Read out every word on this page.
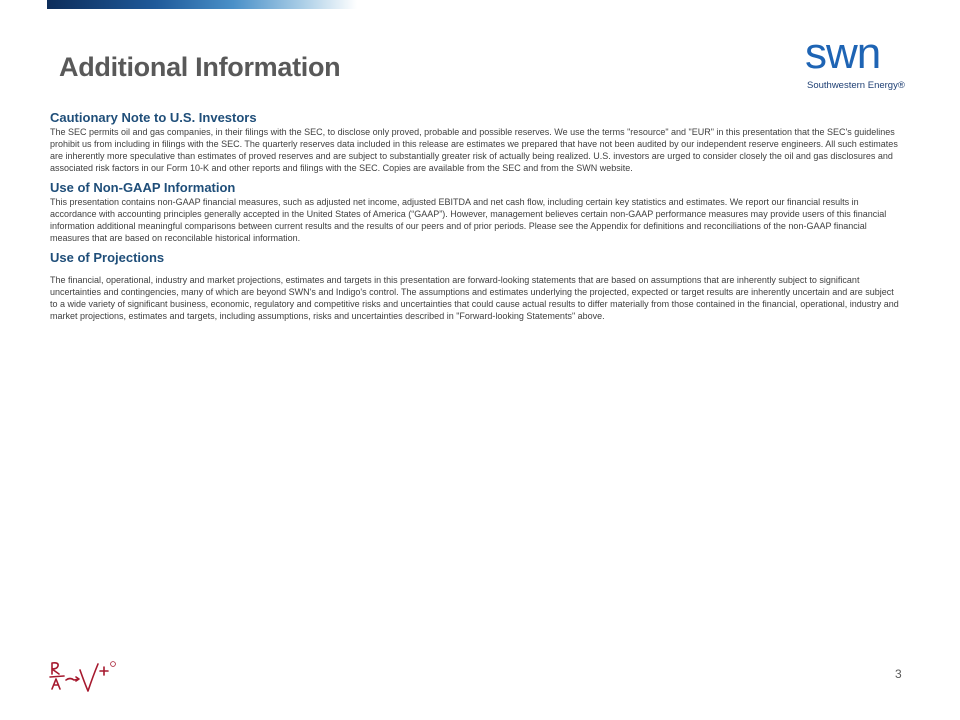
Additional Information	swn
Southwestern Energy®

Cautionary Note to U.S. Investors

The SEC permits oil and gas companies, in their filings with the SEC, to disclose only proved, probable and possible reserves. We use the terms "resource" and "EUR" in this presentation that the SEC's guidelines prohibit us from including in filings with the SEC. The quarterly reserves data included in this release are estimates we prepared that have not been audited by our independent reserve engineers. All such estimates are inherently more speculative than estimates of proved reserves and are subject to substantially greater risk of actually being realized. U.S. investors are urged to consider closely the oil and gas disclosures and associated risk factors in our Form 10-K and other reports and filings with the SEC. Copies are available from the SEC and from the SWN website.

Use of Non-GAAP Information

This presentation contains non-GAAP financial measures, such as adjusted net income, adjusted EBITDA and net cash flow, including certain key statistics and estimates. We report our financial results in accordance with accounting principles generally accepted in the United States of America (“GAAP”). However, management believes certain non-GAAP performance measures may provide users of this financial information additional meaningful comparisons between current results and the results of our peers and of prior periods. Please see the Appendix for definitions and reconciliations of the non-GAAP financial measures that are based on reconcilable historical information.

Use of Projections

The financial, operational, industry and market projections, estimates and targets in this presentation are forward-looking statements that are based on assumptions that are inherently subject to significant uncertainties and contingencies, many of which are beyond SWN's and Indigo's control. The assumptions and estimates underlying the projected, expected or target results are inherently uncertain and are subject to a wide variety of significant business, economic, regulatory and competitive risks and uncertainties that could cause actual results to differ materially from those contained in the financial, operational, industry and market projections, estimates and targets, including assumptions, risks and uncertainties described in "Forward-looking Statements" above.

3
